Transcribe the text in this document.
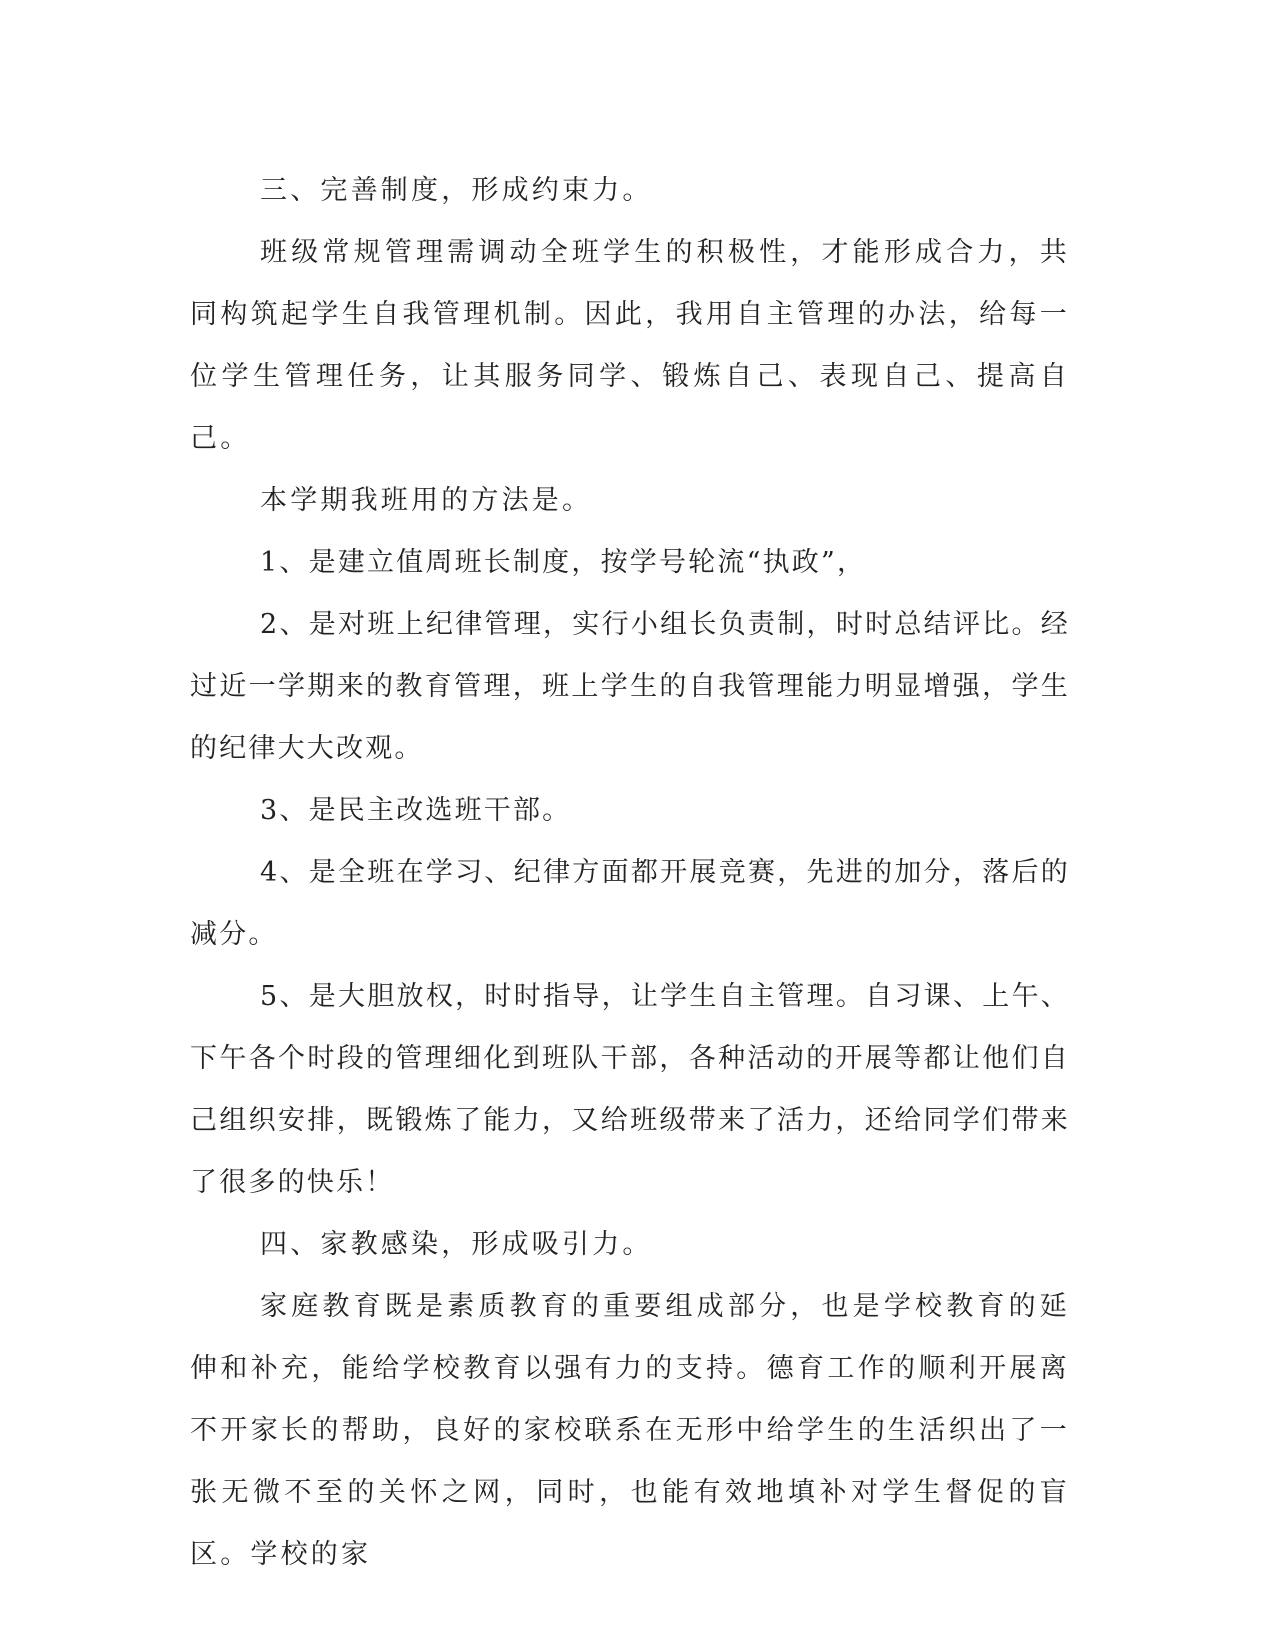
三、完善制度，形成约束力。

班级常规管理需调动全班学生的积极性，才能形成合力，共同构筑起学生自我管理机制。因此，我用自主管理的办法，给每一位学生管理任务，让其服务同学、锻炼自己、表现自己、提高自己。

本学期我班用的方法是。

1、是建立值周班长制度，按学号轮流“执政”，

2、是对班上纪律管理，实行小组长负责制，时时总结评比。经过近一学期来的教育管理，班上学生的自我管理能力明显增强，学生的纪律大大改观。

3、是民主改选班干部。

4、是全班在学习、纪律方面都开展竞赛，先进的加分，落后的减分。

5、是大胆放权，时时指导，让学生自主管理。自习课、上午、下午各个时段的管理细化到班队干部，各种活动的开展等都让他们自己组织安排，既锻炼了能力，又给班级带来了活力，还给同学们带来了很多的快乐！

四、家教感染，形成吸引力。

家庭教育既是素质教育的重要组成部分，也是学校教育的延伸和补充，能给学校教育以强有力的支持。德育工作的顺利开展离不开家长的帮助，良好的家校联系在无形中给学生的生活织出了一张无微不至的关怀之网，同时，也能有效地填补对学生督促的盲区。学校的家
